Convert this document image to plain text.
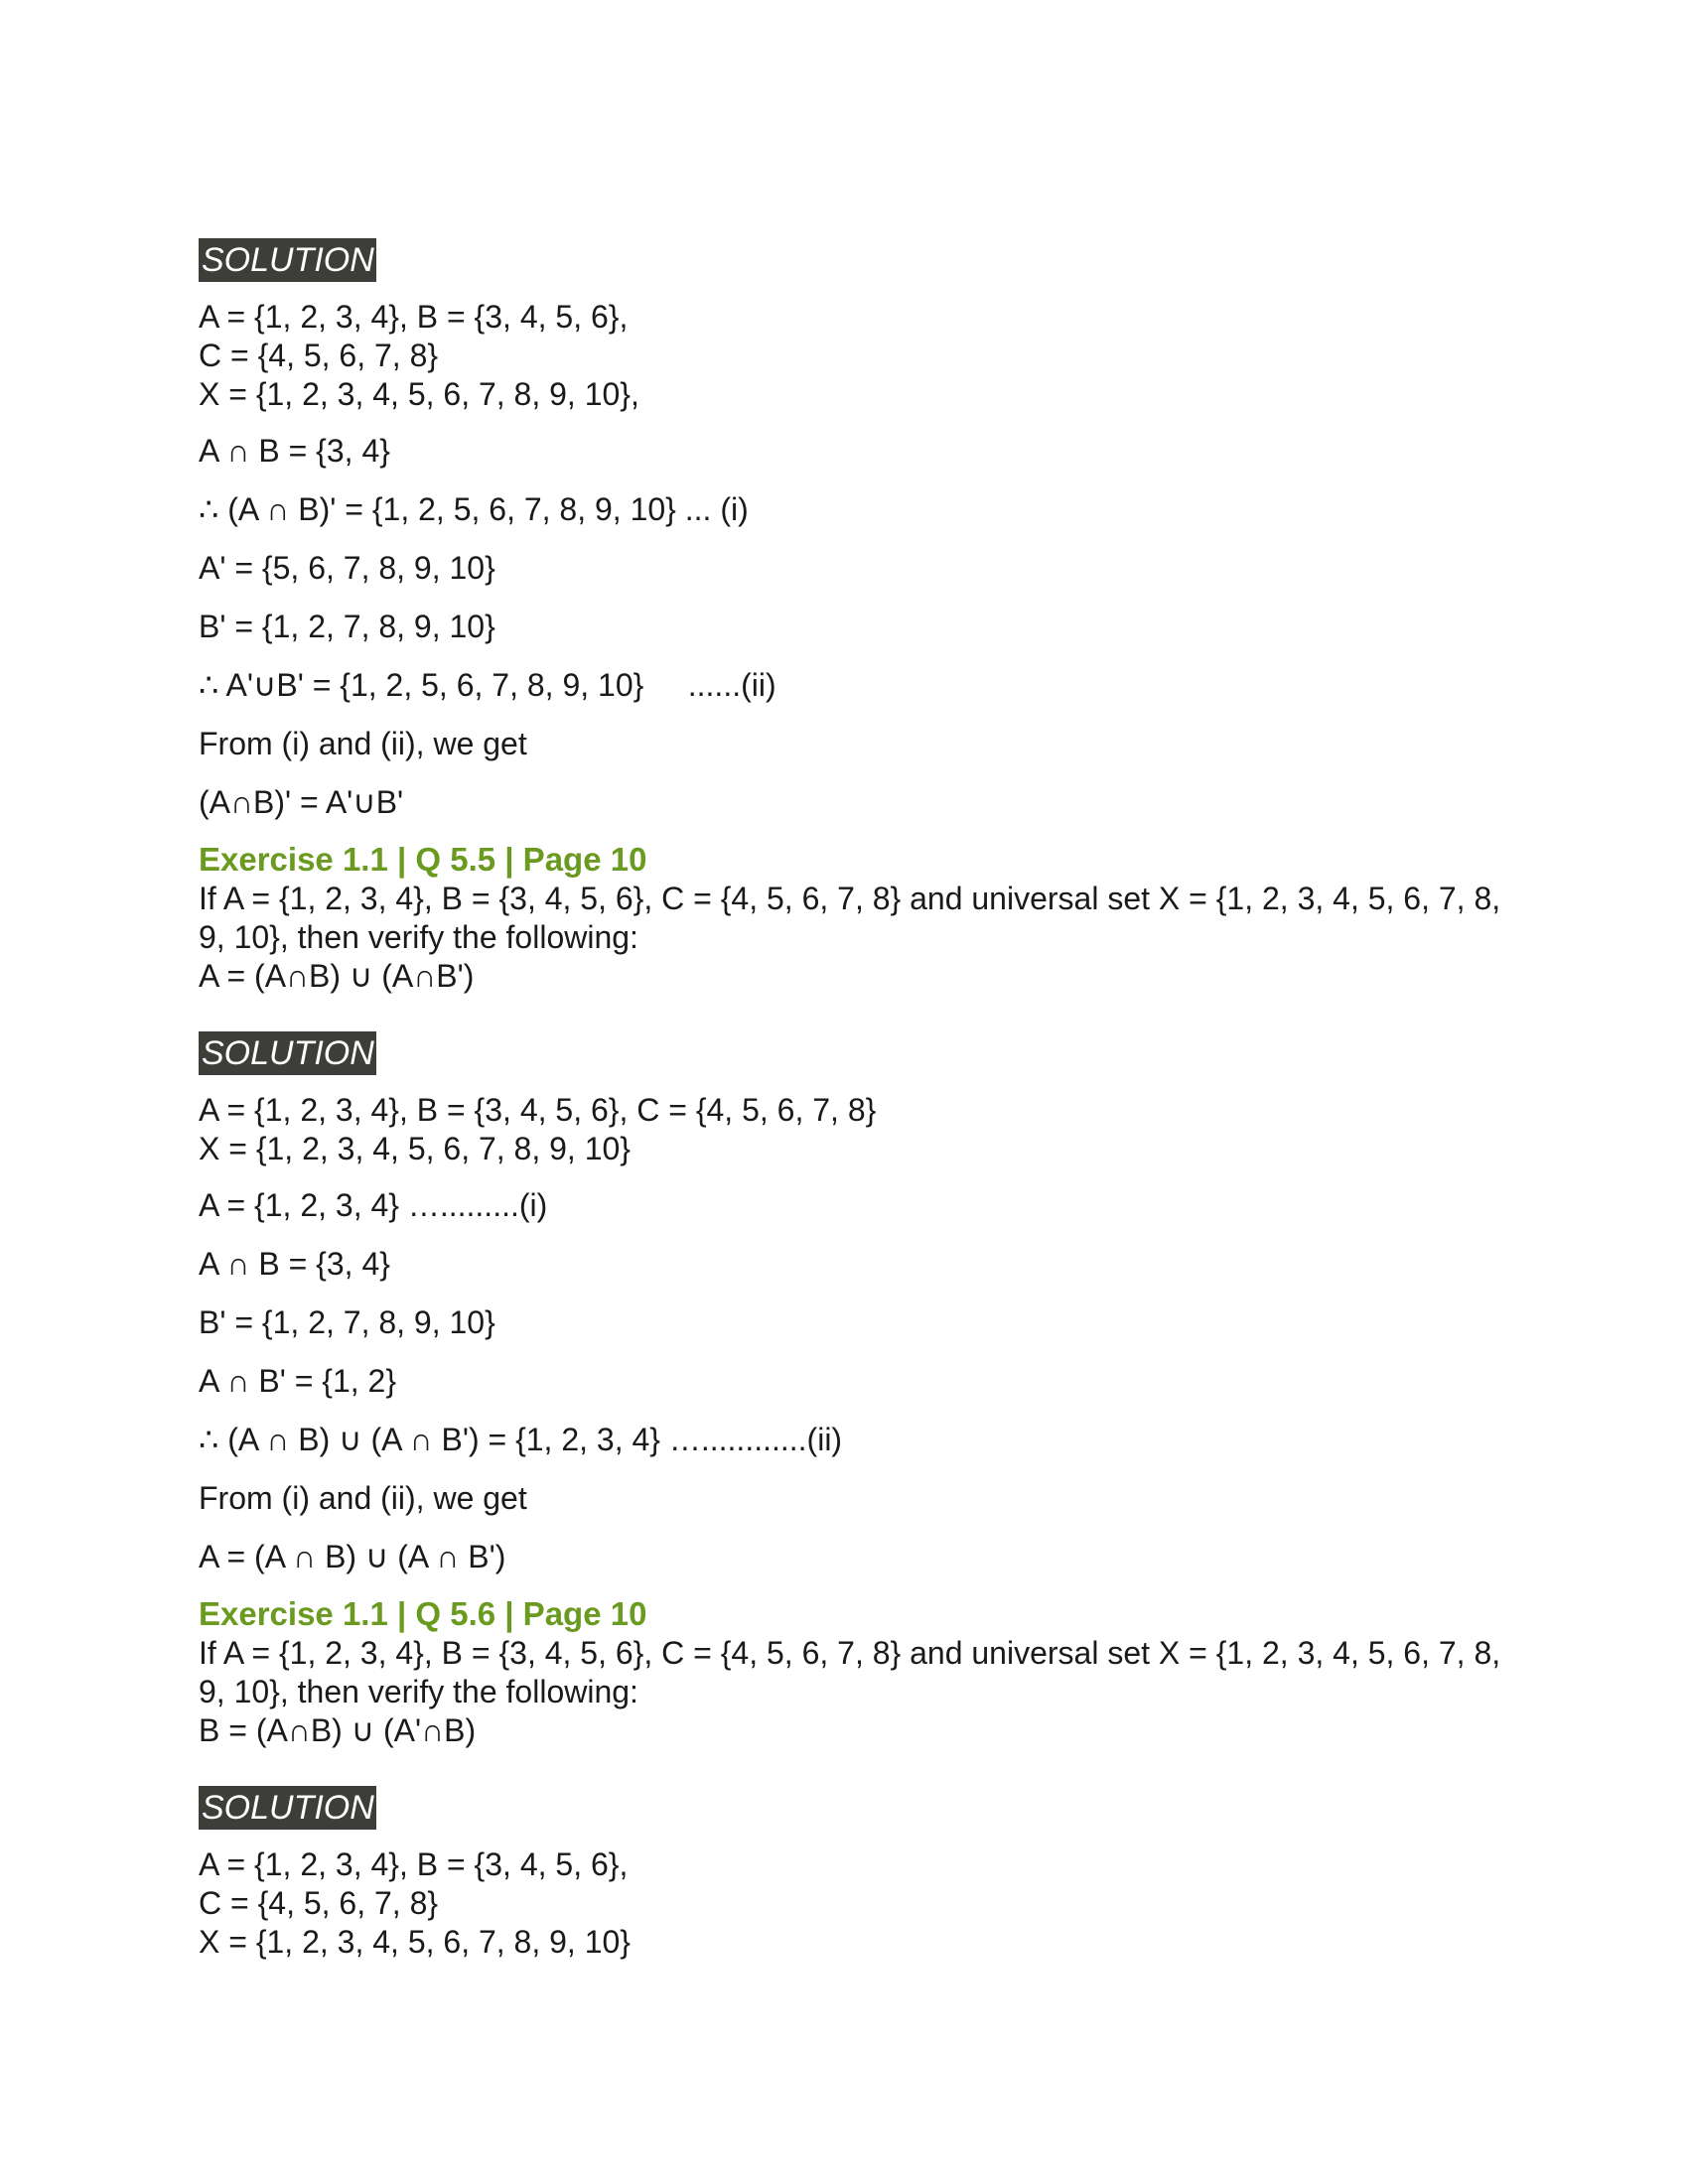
SOLUTION
A = {1, 2, 3, 4}, B = {3, 4, 5, 6},
C = {4, 5, 6, 7, 8}
X = {1, 2, 3, 4, 5, 6, 7, 8, 9, 10},
A ∩ B = {3, 4}
∴ (A ∩ B)' = {1, 2, 5, 6, 7, 8, 9, 10} ... (i)
A' = {5, 6, 7, 8, 9, 10}
B' = {1, 2, 7, 8, 9, 10}
∴ A'∪B' = {1, 2, 5, 6, 7, 8, 9, 10}     ......(ii)
From (i) and (ii), we get
(A∩B)' = A'∪B'
Exercise 1.1 | Q 5.5 | Page 10
If A = {1, 2, 3, 4}, B = {3, 4, 5, 6}, C = {4, 5, 6, 7, 8} and universal set X = {1, 2, 3, 4, 5, 6, 7, 8, 9, 10}, then verify the following:
A = (A∩B) ∪ (A∩B')
SOLUTION
A = {1, 2, 3, 4}, B = {3, 4, 5, 6}, C = {4, 5, 6, 7, 8}
X = {1, 2, 3, 4, 5, 6, 7, 8, 9, 10}
A = {1, 2, 3, 4} ….........(i)
A ∩ B = {3, 4}
B' = {1, 2, 7, 8, 9, 10}
A ∩ B' = {1, 2}
∴ (A ∩ B) ∪ (A ∩ B') = {1, 2, 3, 4} …............(ii)
From (i) and (ii), we get
A = (A ∩ B) ∪ (A ∩ B')
Exercise 1.1 | Q 5.6 | Page 10
If A = {1, 2, 3, 4}, B = {3, 4, 5, 6}, C = {4, 5, 6, 7, 8} and universal set X = {1, 2, 3, 4, 5, 6, 7, 8, 9, 10}, then verify the following:
B = (A∩B) ∪ (A'∩B)
SOLUTION
A = {1, 2, 3, 4}, B = {3, 4, 5, 6},
C = {4, 5, 6, 7, 8}
X = {1, 2, 3, 4, 5, 6, 7, 8, 9, 10}
